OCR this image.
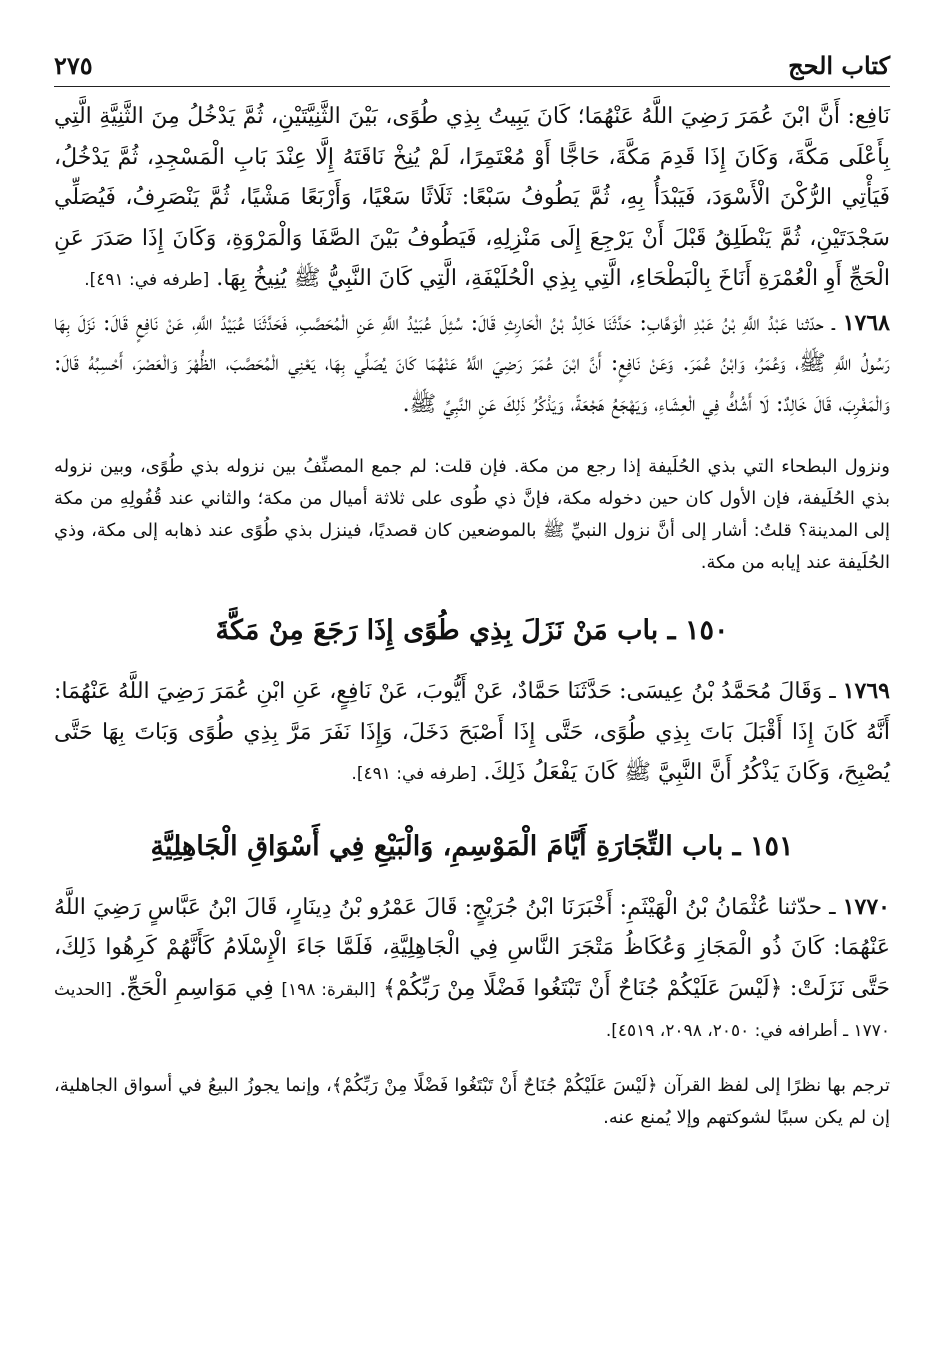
كتاب الحج
٢٧٥

نَافِع: أَنَّ ابْنَ عُمَرَ رَضِيَ اللَّهُ عَنْهُمَا؛ كَانَ يَبِيتُ بِذِي طُوًى، بَيْنَ الثَّنِيَّتَيْنِ، ثُمَّ يَدْخُلُ مِنَ الثَّنِيَّةِ الَّتِي بِأَعْلَى مَكَّةَ، وَكَانَ إِذَا قَدِمَ مَكَّةَ، حَاجًّا أَوْ مُعْتَمِرًا، لَمْ يُنِخْ نَاقَتَهُ إِلَّا عِنْدَ بَابِ الْمَسْجِدِ، ثُمَّ يَدْخُلُ، فَيَأْتِي الرُّكْنَ الْأَسْوَدَ، فَيَبْدَأُ بِهِ، ثُمَّ يَطُوفُ سَبْعًا: ثَلَاثًا سَعْيًا، وَأَرْبَعًا مَشْيًا، ثُمَّ يَنْصَرِفُ، فَيُصَلِّي سَجْدَتَيْنِ، ثُمَّ يَنْطَلِقُ قَبْلَ أَنْ يَرْجِعَ إِلَى مَنْزِلِهِ، فَيَطُوفُ بَيْنَ الصَّفَا وَالْمَرْوَةِ، وَكَانَ إِذَا صَدَرَ عَنِ الْحَجِّ أَوِ الْعُمْرَةِ أَنَاخَ بِالْبَطْحَاءِ، الَّتِي بِذِي الْحُلَيْفَةِ، الَّتِي كَانَ النَّبِيُّ ﷺ يُنِيخُ بِهَا. [طرفه في: ٤٩١].

١٧٦٨ ـ حدّثنا عَبْدُ اللَّهِ بْنُ عَبْدِ الْوَهَّابِ: حَدَّثَنَا خَالِدُ بْنُ الْحَارِثِ قَالَ: سُئِلَ عُبَيْدُ اللَّهِ عَنِ الْمُحَصَّبِ، فَحَدَّثَنَا عُبَيْدُ اللَّهِ، عَنْ نَافِعٍ قَالَ: نَزَلَ بِهَا رَسُولُ اللَّهِ ﷺ، وَعُمَرُ، وَابْنُ عُمَرَ. وَعَنْ نَافِعٍ: أَنَّ ابْنَ عُمَرَ رَضِيَ اللَّهُ عَنْهُمَا كَانَ يُصَلِّي بِهَا، يَعْنِي الْمُحَصَّبَ، الظُّهْرَ وَالْعَصْرَ، أَحْسِبُهُ قَالَ: وَالْمَغْرِبَ، قَالَ خَالِدٌ: لَا أَشُكُّ فِي الْعِشَاءِ، وَيَهْجَعُ هَجْعَةً، وَيَذْكُرُ ذَلِكَ عَنِ النَّبِيِّ ﷺ.

ونزول البطحاء التي بذي الحُلَيفة إذا رجع من مكة. فإن قلت: لم جمع المصنِّفُ بين نزوله بذي طُوًى، وبين نزوله بذي الحُلَيفة، فإن الأول كان حين دخوله مكة، فإنَّ ذي طُوى على ثلاثة أميال من مكة؛ والثاني عند قُفُولِهِ من مكة إلى المدينة؟ قلتُ: أشار إلى أنَّ نزول النبيِّ ﷺ بالموضعين كان قصديًا، فينزل بذي طُوًى عند ذهابه إلى مكة، وذي الحُلَيفة عند إيابه من مكة.

١٥٠ ـ باب مَنْ نَزَلَ بِذِي طُوًى إِذَا رَجَعَ مِنْ مَكَّةَ

١٧٦٩ ـ وَقَالَ مُحَمَّدُ بْنُ عِيسَى: حَدَّثَنَا حَمَّادٌ، عَنْ أَيُّوبَ، عَنْ نَافِعٍ، عَنِ ابْنِ عُمَرَ رَضِيَ اللَّهُ عَنْهُمَا: أَنَّهُ كَانَ إِذَا أَقْبَلَ بَاتَ بِذِي طُوًى، حَتَّى إِذَا أَصْبَحَ دَخَلَ، وَإِذَا نَفَرَ مَرَّ بِذِي طُوًى وَبَاتَ بِهَا حَتَّى يُصْبِحَ، وَكَانَ يَذْكُرُ أَنَّ النَّبِيَّ ﷺ كَانَ يَفْعَلُ ذَلِكَ. [طرفه في: ٤٩١].

١٥١ ـ باب التِّجَارَةِ أَيَّامَ الْمَوْسِمِ، وَالْبَيْعِ فِي أَسْوَاقِ الْجَاهِلِيَّةِ

١٧٧٠ ـ حدّثنا عُثْمَانُ بْنُ الْهَيْثَمِ: أَخْبَرَنَا ابْنُ جُرَيْجٍ: قَالَ عَمْرُو بْنُ دِينَارٍ، قَالَ ابْنُ عَبَّاسٍ رَضِيَ اللَّهُ عَنْهُمَا: كَانَ ذُو الْمَجَازِ وَعُكَاظُ مَتْجَرَ النَّاسِ فِي الْجَاهِلِيَّةِ، فَلَمَّا جَاءَ الْإِسْلَامُ كَأَنَّهُمْ كَرِهُوا ذَلِكَ، حَتَّى نَزَلَتْ: ﴿لَيْسَ عَلَيْكُمْ جُنَاحٌ أَنْ تَبْتَغُوا فَضْلًا مِنْ رَبِّكُمْ﴾ [البقرة: ١٩٨] فِي مَوَاسِمِ الْحَجِّ. [الحديث ١٧٧٠ ـ أطرافه في: ٢٠٥٠، ٢٠٩٨، ٤٥١٩].

ترجم بها نظرًا إلى لفظ القرآن ﴿لَيْسَ عَلَيْكُمْ جُنَاحٌ أَنْ تَبْتَغُوا فَضْلًا مِنْ رَبِّكُمْ﴾، وإنما يجوزُ البيعُ في أسواق الجاهلية، إن لم يكن سببًا لشوكتهم وإلا يُمنع عنه.
